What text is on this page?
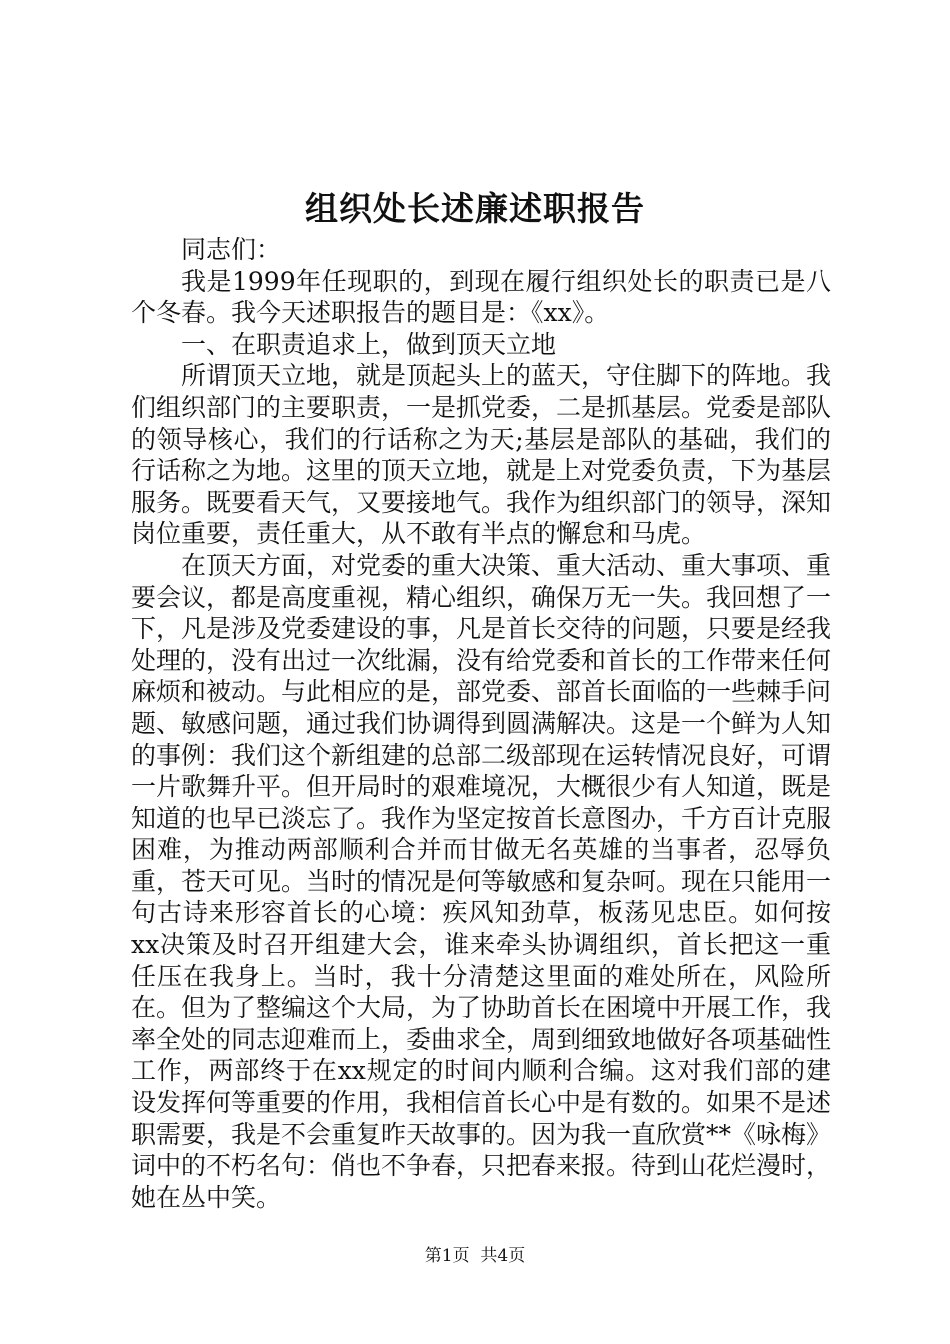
组织处长述廉述职报告

同志们：

我是1999年任现职的，到现在履行组织处长的职责已是八个冬春。我今天述职报告的题目是：《xx》。

一、在职责追求上，做到顶天立地

所谓顶天立地，就是顶起头上的蓝天，守住脚下的阵地。我们组织部门的主要职责，一是抓党委，二是抓基层。党委是部队的领导核心，我们的行话称之为天;基层是部队的基础，我们的行话称之为地。这里的顶天立地，就是上对党委负责，下为基层服务。既要看天气，又要接地气。我作为组织部门的领导，深知岗位重要，责任重大，从不敢有半点的懈怠和马虎。

在顶天方面，对党委的重大决策、重大活动、重大事项、重要会议，都是高度重视，精心组织，确保万无一失。我回想了一下，凡是涉及党委建设的事，凡是首长交待的问题，只要是经我处理的，没有出过一次纰漏，没有给党委和首长的工作带来任何麻烦和被动。与此相应的是，部党委、部首长面临的一些棘手问题、敏感问题，通过我们协调得到圆满解决。这是一个鲜为人知的事例：我们这个新组建的总部二级部现在运转情况良好，可谓一片歌舞升平。但开局时的艰难境况，大概很少有人知道，既是知道的也早已淡忘了。我作为坚定按首长意图办，千方百计克服困难，为推动两部顺利合并而甘做无名英雄的当事者，忍辱负重，苍天可见。当时的情况是何等敏感和复杂呵。现在只能用一句古诗来形容首长的心境：疾风知劲草，板荡见忠臣。如何按xx决策及时召开组建大会，谁来牵头协调组织，首长把这一重任压在我身上。当时，我十分清楚这里面的难处所在，风险所在。但为了整编这个大局，为了协助首长在困境中开展工作，我率全处的同志迎难而上，委曲求全，周到细致地做好各项基础性工作，两部终于在xx规定的时间内顺利合编。这对我们部的建设发挥何等重要的作用，我相信首长心中是有数的。如果不是述职需要，我是不会重复昨天故事的。因为我一直欣赏**《咏梅》词中的不朽名句：俏也不争春，只把春来报。待到山花烂漫时，她在丛中笑。

第1页  共4页
